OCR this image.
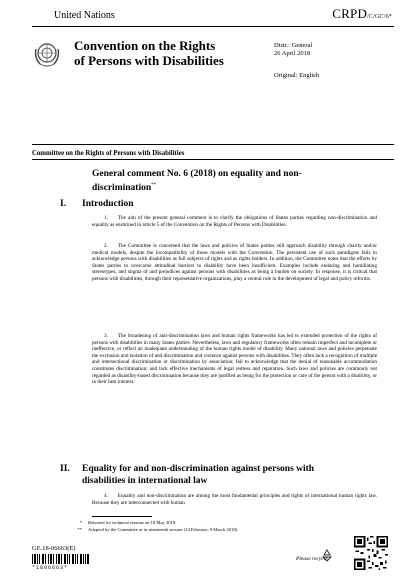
United Nations	CRPD/C/GC/6*
Convention on the Rights
of Persons with Disabilities
Distr.: General
26 April 2018
Original: English
Committee on the Rights of Persons with Disabilities
General comment No. 6 (2018) on equality and non-
discrimination**
I. Introduction
1. The aim of the present general comment is to clarify the obligations of States parties regarding non-discrimination and equality as enshrined in article 5 of the Convention on the Rights of Persons with Disabilities.
2. The Committee is concerned that the laws and policies of States parties still approach disability through charity and/or medical models, despite the incompatibility of those models with the Convention. The persistent use of such paradigms fails to acknowledge persons with disabilities as full subjects of rights and as rights holders. In addition, the Committee notes that the efforts by States parties to overcome attitudinal barriers to disability have been insufficient. Examples include enduring and humiliating stereotypes, and stigma of and prejudices against persons with disabilities as being a burden on society. In response, it is critical that persons with disabilities, through their representative organizations, play a central role in the development of legal and policy reforms.
3. The broadening of anti-discrimination laws and human rights frameworks has led to extended protection of the rights of persons with disabilities in many States parties. Nevertheless, laws and regulatory frameworks often remain imperfect and incomplete or ineffective, or reflect an inadequate understanding of the human rights model of disability. Many national laws and policies perpetuate the exclusion and isolation of and discrimination and violence against persons with disabilities. They often lack a recognition of multiple and intersectional discrimination or discrimination by association; fail to acknowledge that the denial of reasonable accommodation constitutes discrimination; and lack effective mechanisms of legal redress and reparation. Such laws and policies are commonly not regarded as disability-based discrimination because they are justified as being for the protection or care of the person with a disability, or in their best interest.
II. Equality for and non-discrimination against persons with
disabilities in international law
4. Equality and non-discrimination are among the most fundamental principles and rights of international human rights law. Because they are interconnected with human
* Reissued for technical reasons on 18 May 2018.
** Adopted by the Committee at its nineteenth session (14 February–9 March 2018).
GE.18-06663(E)
*1806663*
Please recycle
